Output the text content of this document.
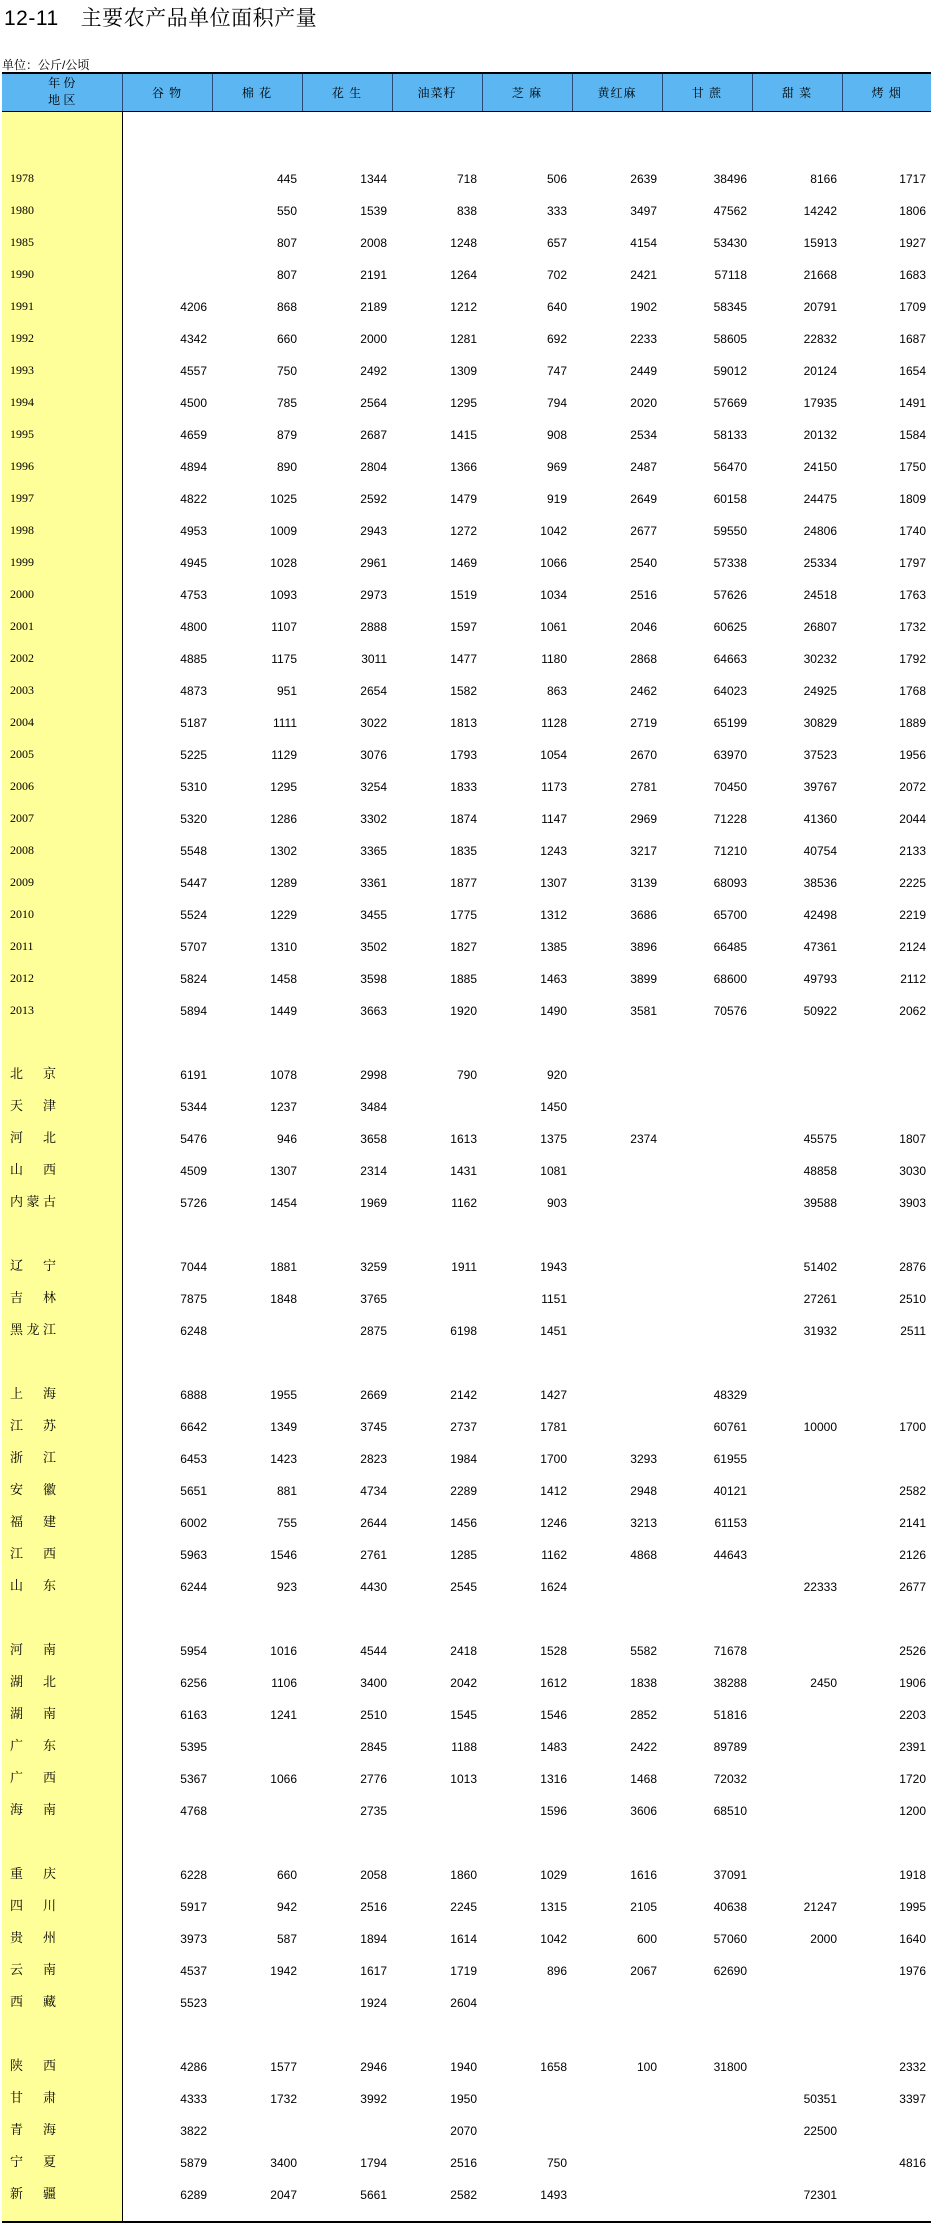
12-11 主要农产品单位面积产量
单位：公斤/公顷
年 份
地 区	谷 物	棉 花	花 生	油菜籽	芝 麻	黄红麻	甘 蔗	甜 菜	烤 烟

1978		445	1344	718	506	2639	38496	8166	1717
1980		550	1539	838	333	3497	47562	14242	1806
1985		807	2008	1248	657	4154	53430	15913	1927
1990		807	2191	1264	702	2421	57118	21668	1683
1991	4206	868	2189	1212	640	1902	58345	20791	1709
1992	4342	660	2000	1281	692	2233	58605	22832	1687
1993	4557	750	2492	1309	747	2449	59012	20124	1654
1994	4500	785	2564	1295	794	2020	57669	17935	1491
1995	4659	879	2687	1415	908	2534	58133	20132	1584
1996	4894	890	2804	1366	969	2487	56470	24150	1750
1997	4822	1025	2592	1479	919	2649	60158	24475	1809
1998	4953	1009	2943	1272	1042	2677	59550	24806	1740
1999	4945	1028	2961	1469	1066	2540	57338	25334	1797
2000	4753	1093	2973	1519	1034	2516	57626	24518	1763
2001	4800	1107	2888	1597	1061	2046	60625	26807	1732
2002	4885	1175	3011	1477	1180	2868	64663	30232	1792
2003	4873	951	2654	1582	863	2462	64023	24925	1768
2004	5187	1111	3022	1813	1128	2719	65199	30829	1889
2005	5225	1129	3076	1793	1054	2670	63970	37523	1956
2006	5310	1295	3254	1833	1173	2781	70450	39767	2072
2007	5320	1286	3302	1874	1147	2969	71228	41360	2044
2008	5548	1302	3365	1835	1243	3217	71210	40754	2133
2009	5447	1289	3361	1877	1307	3139	68093	38536	2225
2010	5524	1229	3455	1775	1312	3686	65700	42498	2219
2011	5707	1310	3502	1827	1385	3896	66485	47361	2124
2012	5824	1458	3598	1885	1463	3899	68600	49793	2112
2013	5894	1449	3663	1920	1490	3581	70576	50922	2062

北京	6191	1078	2998	790	920				
天津	5344	1237	3484		1450				
河北	5476	946	3658	1613	1375	2374		45575	1807
山西	4509	1307	2314	1431	1081			48858	3030
内蒙古	5726	1454	1969	1162	903			39588	3903

辽宁	7044	1881	3259	1911	1943			51402	2876
吉林	7875	1848	3765		1151			27261	2510
黑龙江	6248		2875	6198	1451			31932	2511

上海	6888	1955	2669	2142	1427		48329		
江苏	6642	1349	3745	2737	1781		60761	10000	1700
浙江	6453	1423	2823	1984	1700	3293	61955		
安徽	5651	881	4734	2289	1412	2948	40121		2582
福建	6002	755	2644	1456	1246	3213	61153		2141
江西	5963	1546	2761	1285	1162	4868	44643		2126
山东	6244	923	4430	2545	1624			22333	2677

河南	5954	1016	4544	2418	1528	5582	71678		2526
湖北	6256	1106	3400	2042	1612	1838	38288	2450	1906
湖南	6163	1241	2510	1545	1546	2852	51816		2203
广东	5395		2845	1188	1483	2422	89789		2391
广西	5367	1066	2776	1013	1316	1468	72032		1720
海南	4768		2735		1596	3606	68510		1200

重庆	6228	660	2058	1860	1029	1616	37091		1918
四川	5917	942	2516	2245	1315	2105	40638	21247	1995
贵州	3973	587	1894	1614	1042	600	57060	2000	1640
云南	4537	1942	1617	1719	896	2067	62690		1976
西藏	5523		1924	2604					

陕西	4286	1577	2946	1940	1658	100	31800		2332
甘肃	4333	1732	3992	1950				50351	3397
青海	3822			2070				22500	
宁夏	5879	3400	1794	2516	750				4816
新疆	6289	2047	5661	2582	1493			72301	
